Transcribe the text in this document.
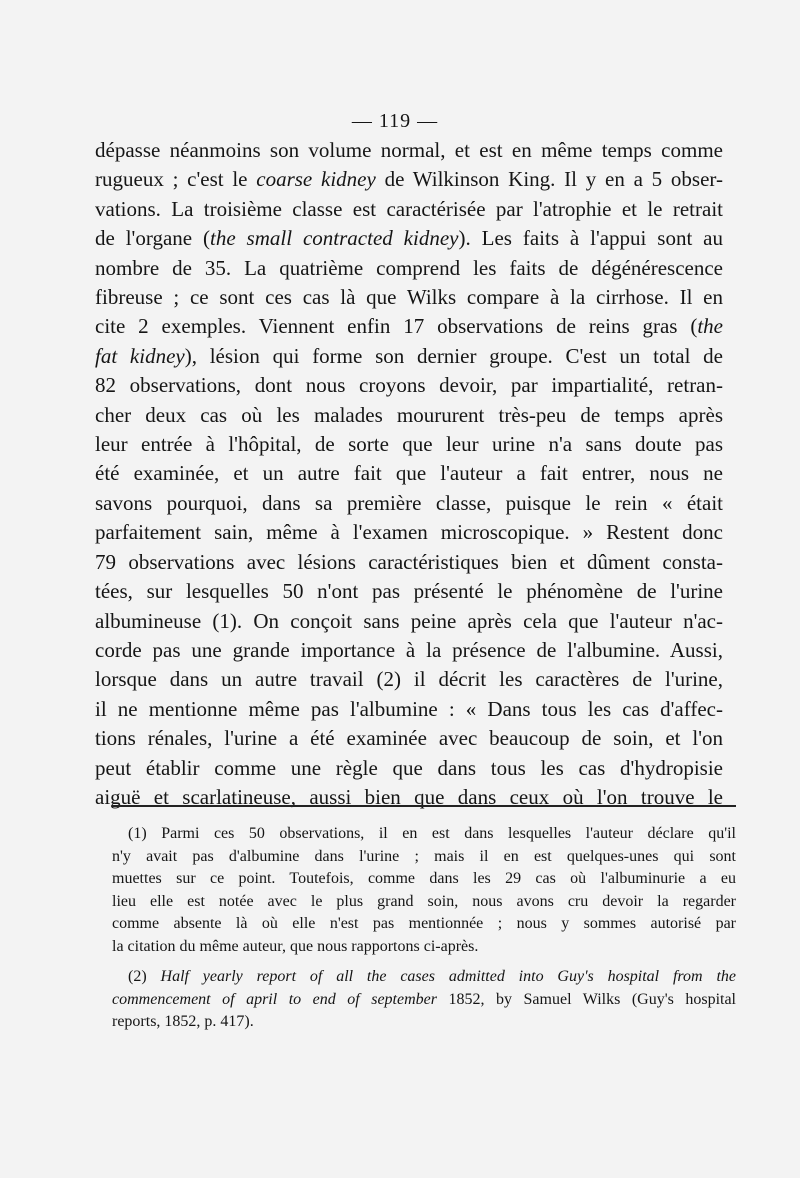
— 119 —
dépasse néanmoins son volume normal, et est en même temps comme
rugueux ; c'est le coarse kidney de Wilkinson King. Il y en a 5 obser-
vations. La troisième classe est caractérisée par l'atrophie et le retrait
de l'organe (the small contracted kidney). Les faits à l'appui sont au
nombre de 35. La quatrième comprend les faits de dégénérescence
fibreuse ; ce sont ces cas là que Wilks compare à la cirrhose. Il en
cite 2 exemples. Viennent enfin 17 observations de reins gras (the
fat kidney), lésion qui forme son dernier groupe. C'est un total de
82 observations, dont nous croyons devoir, par impartialité, retran-
cher deux cas où les malades moururent très-peu de temps après
leur entrée à l'hôpital, de sorte que leur urine n'a sans doute pas
été examinée, et un autre fait que l'auteur a fait entrer, nous ne
savons pourquoi, dans sa première classe, puisque le rein « était
parfaitement sain, même à l'examen microscopique. » Restent donc
79 observations avec lésions caractéristiques bien et dûment consta-
tées, sur lesquelles 50 n'ont pas présenté le phénomène de l'urine
albumineuse (1). On conçoit sans peine après cela que l'auteur n'ac-
corde pas une grande importance à la présence de l'albumine. Aussi,
lorsque dans un autre travail (2) il décrit les caractères de l'urine,
il ne mentionne même pas l'albumine : « Dans tous les cas d'affec-
tions rénales, l'urine a été examinée avec beaucoup de soin, et l'on
peut établir comme une règle que dans tous les cas d'hydropisie
aiguë et scarlatineuse, aussi bien que dans ceux où l'on trouve le
(1) Parmi ces 50 observations, il en est dans lesquelles l'auteur déclare qu'il
n'y avait pas d'albumine dans l'urine ; mais il en est quelques-unes qui sont
muettes sur ce point. Toutefois, comme dans les 29 cas où l'albuminurie a eu
lieu elle est notée avec le plus grand soin, nous avons cru devoir la regarder
comme absente là où elle n'est pas mentionnée ; nous y sommes autorisé par
la citation du même auteur, que nous rapportons ci-après.
(2) Half yearly report of all the cases admitted into Guy's hospital from the
commencement of april to end of september 1852, by Samuel Wilks (Guy's hospital
reports, 1852, p. 417).
